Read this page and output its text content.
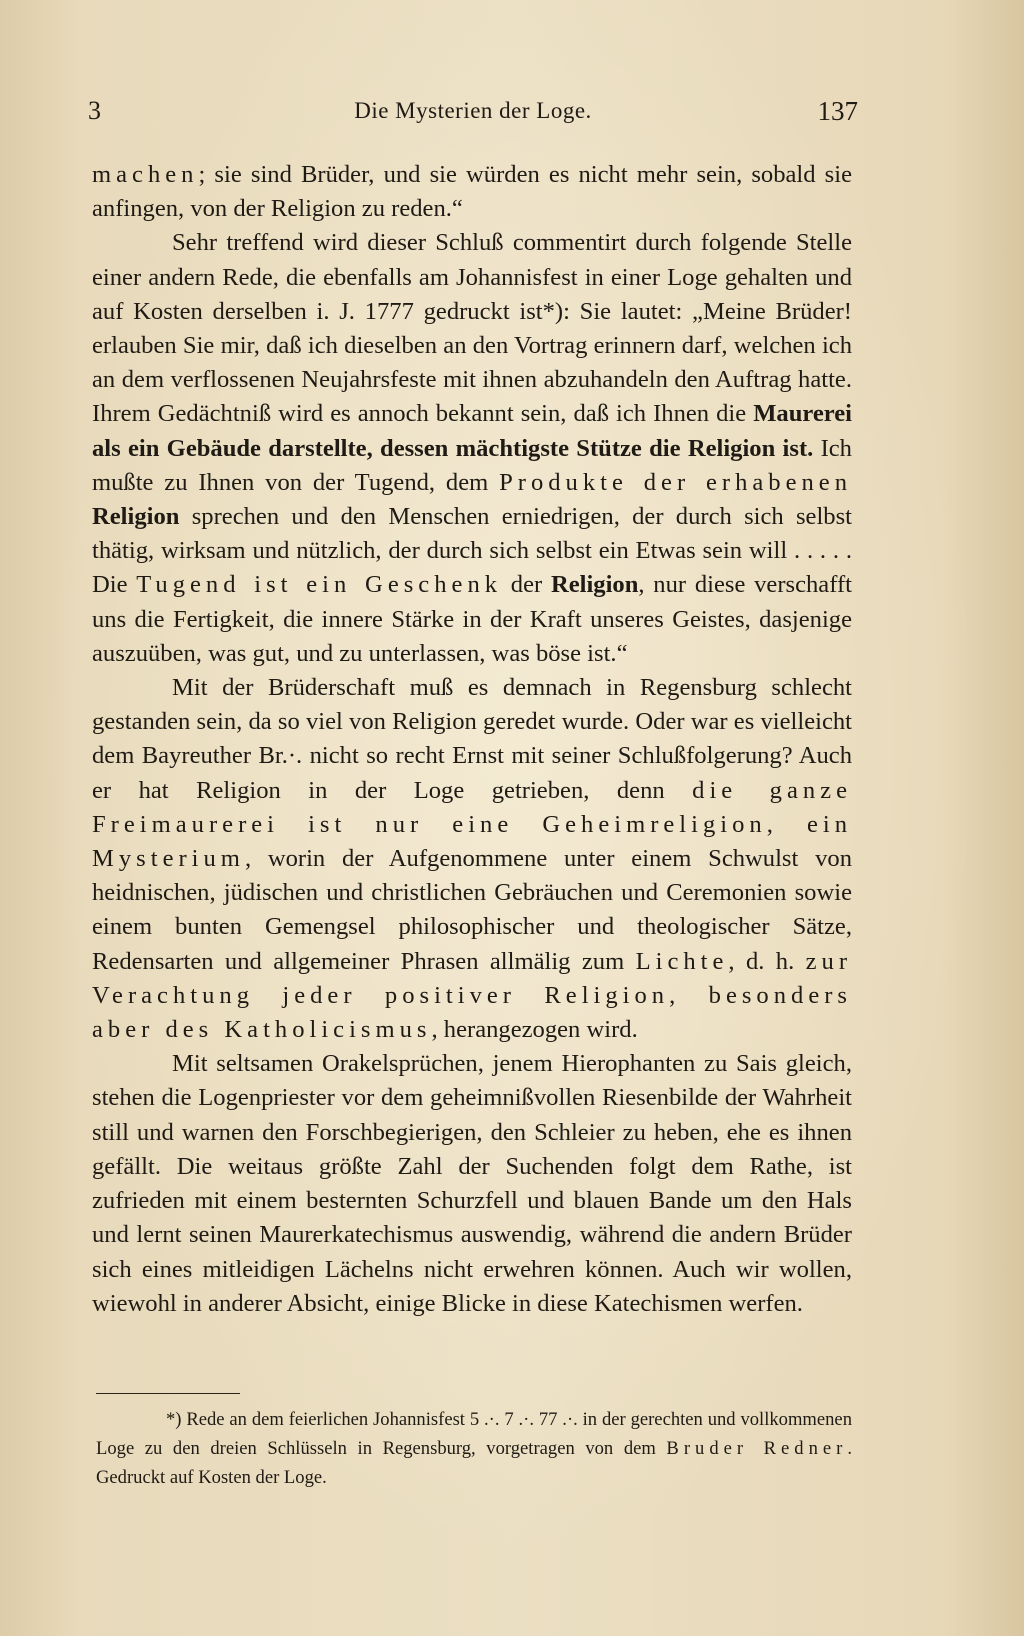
3	Die Mysterien der Loge.	137

machen; sie sind Brüder, und sie würden es nicht mehr sein, sobald sie anfingen, von der Religion zu reden.“

Sehr treffend wird dieser Schluß commentirt durch folgende Stelle einer andern Rede, die ebenfalls am Johannisfest in einer Loge gehalten und auf Kosten derselben i. J. 1777 gedruckt ist*): Sie lautet: „Meine Brüder! erlauben Sie mir, daß ich dieselben an den Vortrag erinnern darf, welchen ich an dem verflossenen Neujahrsfeste mit ihnen abzuhandeln den Auftrag hatte. Ihrem Gedächtniß wird es annoch bekannt sein, daß ich Ihnen die Maurerei als ein Gebäude darstellte, dessen mächtigste Stütze die Religion ist. Ich mußte zu Ihnen von der Tugend, dem Produkte der erhabenen Religion sprechen und den Menschen erniedrigen, der durch sich selbst thätig, wirksam und nützlich, der durch sich selbst ein Etwas sein will . . . . . Die Tugend ist ein Geschenk der Religion, nur diese verschafft uns die Fertigkeit, die innere Stärke in der Kraft unseres Geistes, dasjenige auszuüben, was gut, und zu unterlassen, was böse ist.“

Mit der Brüderschaft muß es demnach in Regensburg schlecht gestanden sein, da so viel von Religion geredet wurde. Oder war es vielleicht dem Bayreuther Br.·. nicht so recht Ernst mit seiner Schlußfolgerung? Auch er hat Religion in der Loge getrieben, denn die ganze Freimaurerei ist nur eine Geheimreligion, ein Mysterium, worin der Aufgenommene unter einem Schwulst von heidnischen, jüdischen und christlichen Gebräuchen und Ceremonien sowie einem bunten Gemengsel philosophischer und theologischer Sätze, Redensarten und allgemeiner Phrasen allmälig zum Lichte, d. h. zur Verachtung jeder positiver Religion, besonders aber des Katholicismus, herangezogen wird.

Mit seltsamen Orakelsprüchen, jenem Hierophanten zu Sais gleich, stehen die Logenpriester vor dem geheimnißvollen Riesenbilde der Wahrheit still und warnen den Forschbegierigen, den Schleier zu heben, ehe es ihnen gefällt. Die weitaus größte Zahl der Suchenden folgt dem Rathe, ist zufrieden mit einem besternten Schurzfell und blauen Bande um den Hals und lernt seinen Maurerkatechismus auswendig, während die andern Brüder sich eines mitleidigen Lächelns nicht erwehren können. Auch wir wollen, wiewohl in anderer Absicht, einige Blicke in diese Katechismen werfen.

*) Rede an dem feierlichen Johannisfest 5 .·. 7 .·. 77 .·. in der gerechten und vollkommenen Loge zu den dreien Schlüsseln in Regensburg, vorgetragen von dem Bruder Redner. Gedruckt auf Kosten der Loge.
